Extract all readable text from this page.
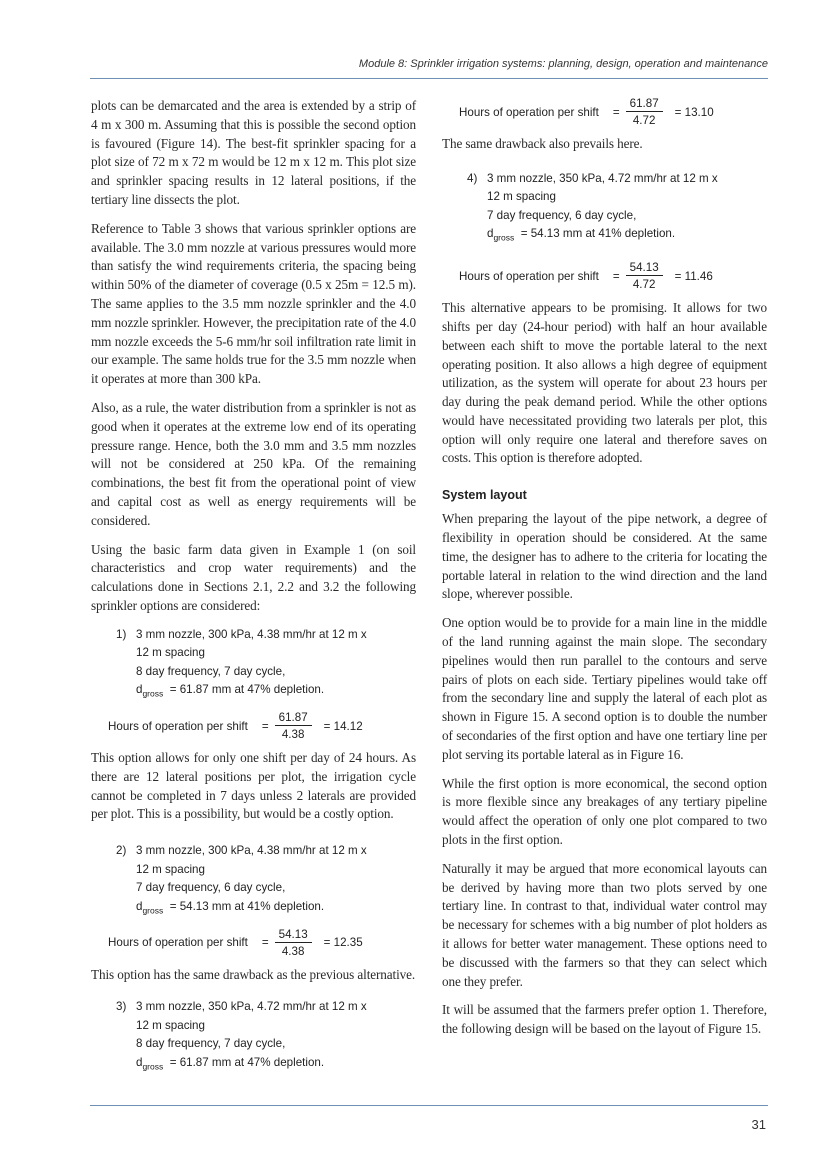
Module 8: Sprinkler irrigation systems: planning, design, operation and maintenance

plots can be demarcated and the area is extended by a strip of 4 m x 300 m. Assuming that this is possible the second option is favoured (Figure 14). The best-fit sprinkler spacing for a plot size of 72 m x 72 m would be 12 m x 12 m. This plot size and sprinkler spacing results in 12 lateral positions, if the tertiary line dissects the plot.

Reference to Table 3 shows that various sprinkler options are available. The 3.0 mm nozzle at various pressures would more than satisfy the wind requirements criteria, the spacing being within 50% of the diameter of coverage (0.5 x 25m = 12.5 m). The same applies to the 3.5 mm nozzle sprinkler and the 4.0 mm nozzle sprinkler. However, the precipitation rate of the 4.0 mm nozzle exceeds the 5-6 mm/hr soil infiltration rate limit in our example. The same holds true for the 3.5 mm nozzle when it operates at more than 300 kPa.

Also, as a rule, the water distribution from a sprinkler is not as good when it operates at the extreme low end of its operating pressure range. Hence, both the 3.0 mm and 3.5 mm nozzles will not be considered at 250 kPa. Of the remaining combinations, the best fit from the operational point of view and capital cost as well as energy requirements will be considered.

Using the basic farm data given in Example 1 (on soil characteristics and crop water requirements) and the calculations done in Sections 2.1, 2.2 and 3.2 the following sprinkler options are considered:

1) 3 mm nozzle, 300 kPa, 4.38 mm/hr at 12 m x
12 m spacing
8 day frequency, 7 day cycle,
$d_{gross} = 61.87$ mm at 47% depletion.
Hours of operation per shift = $\frac{61.87}{4.38} = 14.12$

This option allows for only one shift per day of 24 hours. As there are 12 lateral positions per plot, the irrigation cycle cannot be completed in 7 days unless 2 laterals are provided per plot. This is a possibility, but would be a costly option.

2) 3 mm nozzle, 300 kPa, 4.38 mm/hr at 12 m x
12 m spacing
7 day frequency, 6 day cycle,
$d_{gross} = 54.13$ mm at 41% depletion.
Hours of operation per shift = $\frac{54.13}{4.38} = 12.35$

This option has the same drawback as the previous alternative.

3) 3 mm nozzle, 350 kPa, 4.72 mm/hr at 12 m x
12 m spacing
8 day frequency, 7 day cycle,
$d_{gross} = 61.87$ mm at 47% depletion.
Hours of operation per shift = $\frac{61.87}{4.72} = 13.10$

The same drawback also prevails here.

4) 3 mm nozzle, 350 kPa, 4.72 mm/hr at 12 m x
12 m spacing
7 day frequency, 6 day cycle,
$d_{gross} = 54.13$ mm at 41% depletion.
Hours of operation per shift = $\frac{54.13}{4.72} = 11.46$

This alternative appears to be promising. It allows for two shifts per day (24-hour period) with half an hour available between each shift to move the portable lateral to the next operating position. It also allows a high degree of equipment utilization, as the system will operate for about 23 hours per day during the peak demand period. While the other options would have necessitated providing two laterals per plot, this option will only require one lateral and therefore saves on costs. This option is therefore adopted.

System layout

When preparing the layout of the pipe network, a degree of flexibility in operation should be considered. At the same time, the designer has to adhere to the criteria for locating the portable lateral in relation to the wind direction and the land slope, wherever possible.

One option would be to provide for a main line in the middle of the land running against the main slope. The secondary pipelines would then run parallel to the contours and serve pairs of plots on each side. Tertiary pipelines would take off from the secondary line and supply the lateral of each plot as shown in Figure 15. A second option is to double the number of secondaries of the first option and have one tertiary line per plot serving its portable lateral as in Figure 16.

While the first option is more economical, the second option is more flexible since any breakages of any tertiary pipeline would affect the operation of only one plot compared to two plots in the first option.

Naturally it may be argued that more economical layouts can be derived by having more than two plots served by one tertiary line. In contrast to that, individual water control may be necessary for schemes with a big number of plot holders as it allows for better water management. These options need to be discussed with the farmers so that they can select which one they prefer.

It will be assumed that the farmers prefer option 1. Therefore, the following design will be based on the layout of Figure 15.

31
